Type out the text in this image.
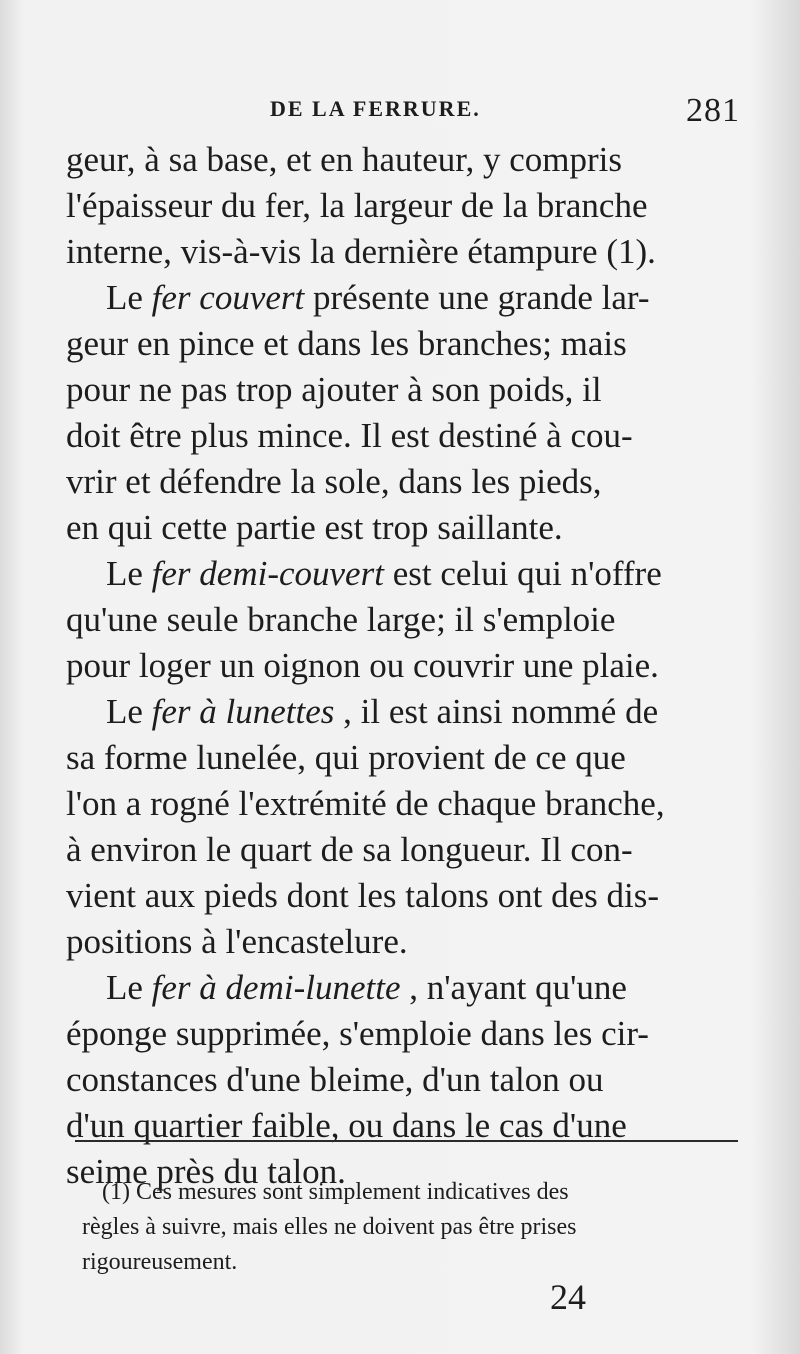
DE LA FERRURE.	281
geur, à sa base, et en hauteur, y compris
l'épaisseur du fer, la largeur de la branche
interne, vis-à-vis la dernière étampure (1).
Le fer couvert présente une grande lar-
geur en pince et dans les branches; mais
pour ne pas trop ajouter à son poids, il
doit être plus mince. Il est destiné à cou-
vrir et défendre la sole, dans les pieds,
en qui cette partie est trop saillante.
Le fer demi-couvert est celui qui n'offre
qu'une seule branche large; il s'emploie
pour loger un oignon ou couvrir une plaie.
Le fer à lunettes , il est ainsi nommé de
sa forme lunelée, qui provient de ce que
l'on a rogné l'extrémité de chaque branche,
à environ le quart de sa longueur. Il con-
vient aux pieds dont les talons ont des dis-
positions à l'encastelure.
Le fer à demi-lunette , n'ayant qu'une
éponge supprimée, s'emploie dans les cir-
constances d'une bleime, d'un talon ou
d'un quartier faible, ou dans le cas d'une
seime près du talon.
(1) Ces mesures sont simplement indicatives des
règles à suivre, mais elles ne doivent pas être prises
rigoureusement.
24
